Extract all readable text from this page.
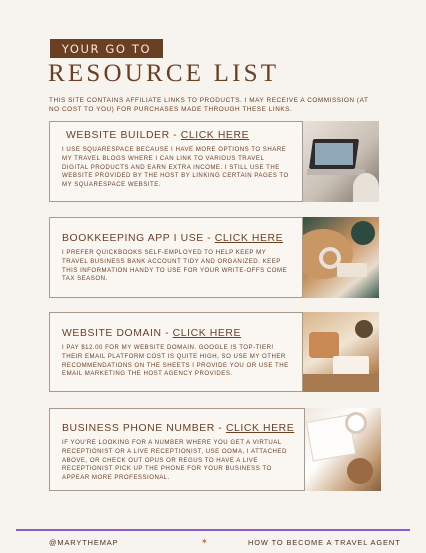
YOUR GO TO
RESOURCE LIST

THIS SITE CONTAINS AFFILIATE LINKS TO PRODUCTS. I MAY RECEIVE A COMMISSION (AT NO COST TO YOU) FOR PURCHASES MADE THROUGH THESE LINKS.

WEBSITE BUILDER - CLICK HERE

I USE SQUARESPACE BECAUSE I HAVE MORE OPTIONS TO SHARE MY TRAVEL BLOGS WHERE I CAN LINK TO VARIOUS TRAVEL DIGITAL PRODUCTS AND EARN EXTRA INCOME. I STILL USE THE WEBSITE PROVIDED BY THE HOST BY LINKING CERTAIN PAGES TO MY SQUARESPACE WEBSITE.

BOOKKEEPING APP I USE - CLICK HERE

I PREFER QUICKBOOKS SELF-EMPLOYED TO HELP KEEP MY TRAVEL BUSINESS BANK ACCOUNT TIDY AND ORGANIZED. KEEP THIS INFORMATION HANDY TO USE FOR YOUR WRITE-OFFS COME TAX SEASON.

WEBSITE DOMAIN - CLICK HERE

I PAY $12.00 FOR MY WEBSITE DOMAIN. GOOGLE IS TOP-TIER! THEIR EMAIL PLATFORM COST IS QUITE HIGH, SO USE MY OTHER RECOMMENDATIONS ON THE SHEETS I PROVIDE YOU OR USE THE EMAIL MARKETING THE HOST AGENCY PROVIDES.

BUSINESS PHONE NUMBER - CLICK HERE

IF YOU'RE LOOKING FOR A NUMBER WHERE YOU GET A VIRTUAL RECEPTIONIST OR A LIVE RECEPTIONIST, USE OOMA, I ATTACHED ABOVE, OR CHECK OUT OPUS OR REGUS TO HAVE A LIVE RECEPTIONIST PICK UP THE PHONE FOR YOUR BUSINESS TO APPEAR MORE PROFESSIONAL.

@MARYTHEMAP	✶	HOW TO BECOME A TRAVEL AGENT
